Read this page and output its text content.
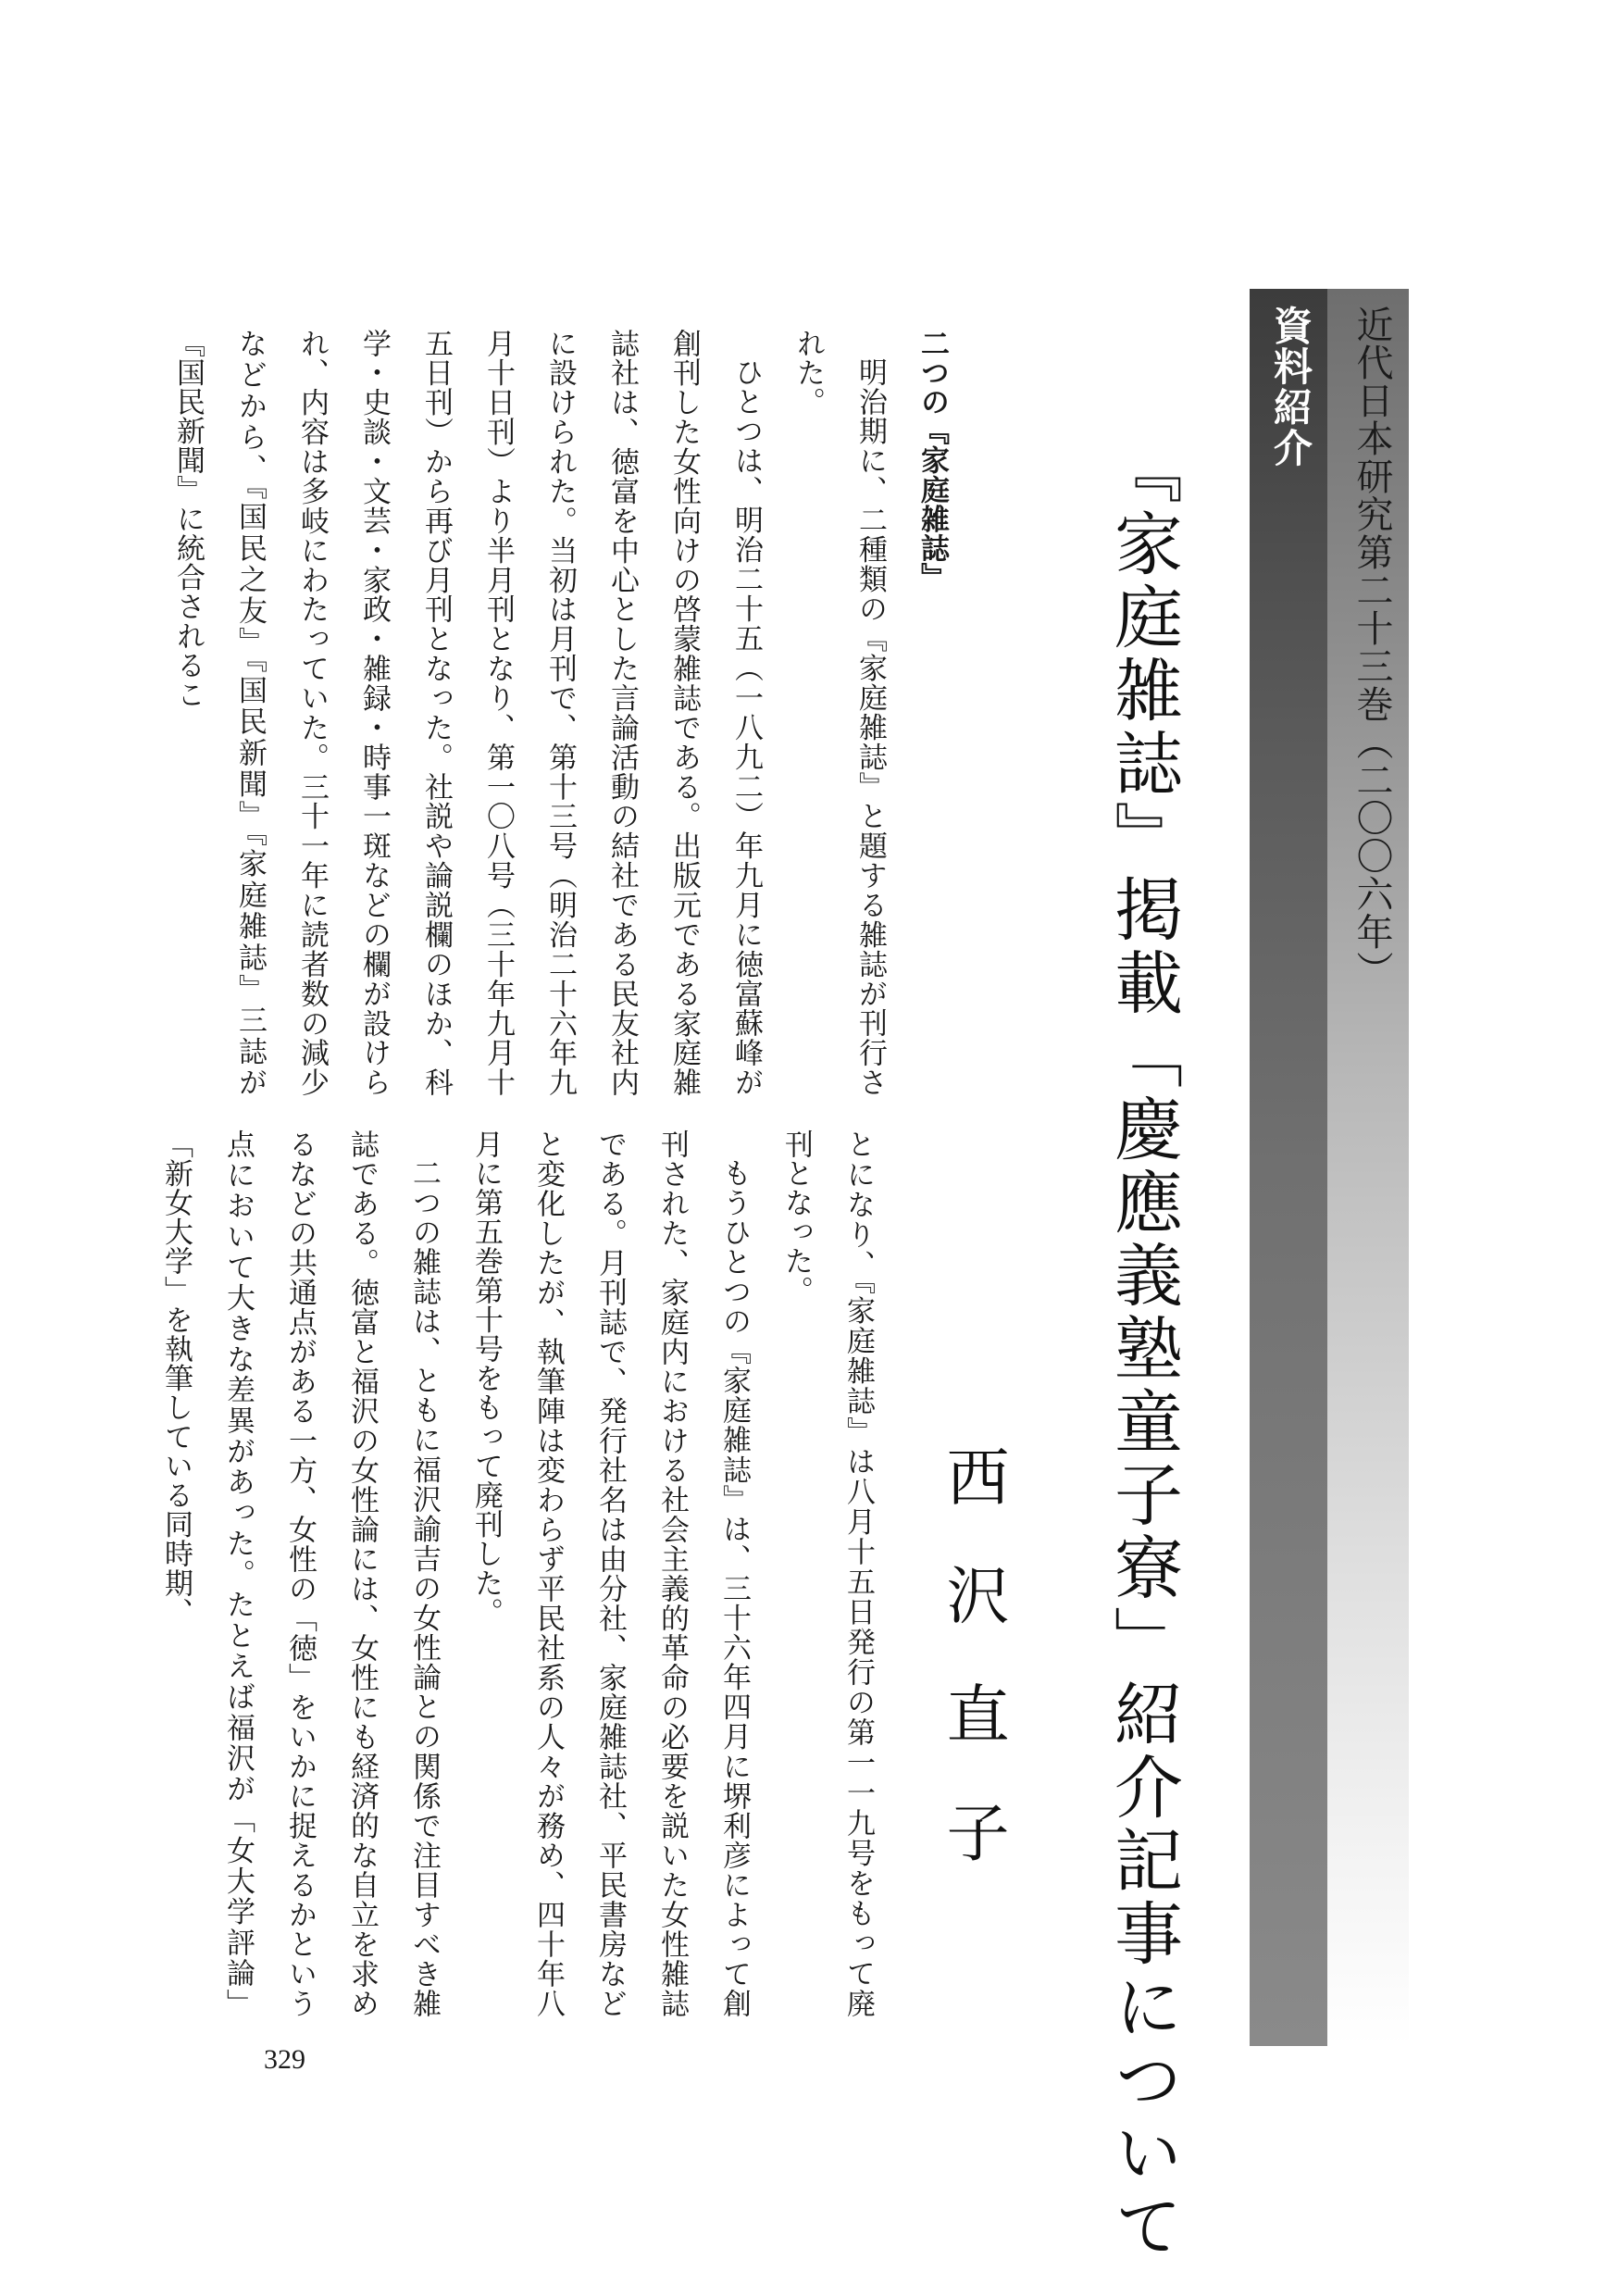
近代日本研究第二十三巻（二〇〇六年）
資料紹介
『家庭雑誌』掲載「慶應義塾童子寮」紹介記事について
西沢直子

二つの『家庭雑誌』

明治期に、二種類の『家庭雑誌』と題する雑誌が刊行された。

ひとつは、明治二十五（一八九二）年九月に徳富蘇峰が創刊した女性向けの啓蒙雑誌である。出版元である家庭雑誌社は、徳富を中心とした言論活動の結社である民友社内に設けられた。当初は月刊で、第十三号（明治二十六年九月十日刊）より半月刊となり、第一〇八号（三十年九月十五日刊）から再び月刊となった。社説や論説欄のほか、科学・史談・文芸・家政・雑録・時事一斑などの欄が設けられ、内容は多岐にわたっていた。三十一年に読者数の減少などから、『国民之友』『国民新聞』『家庭雑誌』三誌が『国民新聞』に統合されるこ

とになり、『家庭雑誌』は八月十五日発行の第一一九号をもって廃刊となった。

もうひとつの『家庭雑誌』は、三十六年四月に堺利彦によって創刊された、家庭内における社会主義的革命の必要を説いた女性雑誌である。月刊誌で、発行社名は由分社、家庭雑誌社、平民書房などと変化したが、執筆陣は変わらず平民社系の人々が務め、四十年八月に第五巻第十号をもって廃刊した。

二つの雑誌は、ともに福沢諭吉の女性論との関係で注目すべき雑誌である。徳富と福沢の女性論には、女性にも経済的な自立を求めるなどの共通点がある一方、女性の「徳」をいかに捉えるかという点において大きな差異があった。たとえば福沢が「女大学評論」「新女大学」を執筆している同時期、

329
